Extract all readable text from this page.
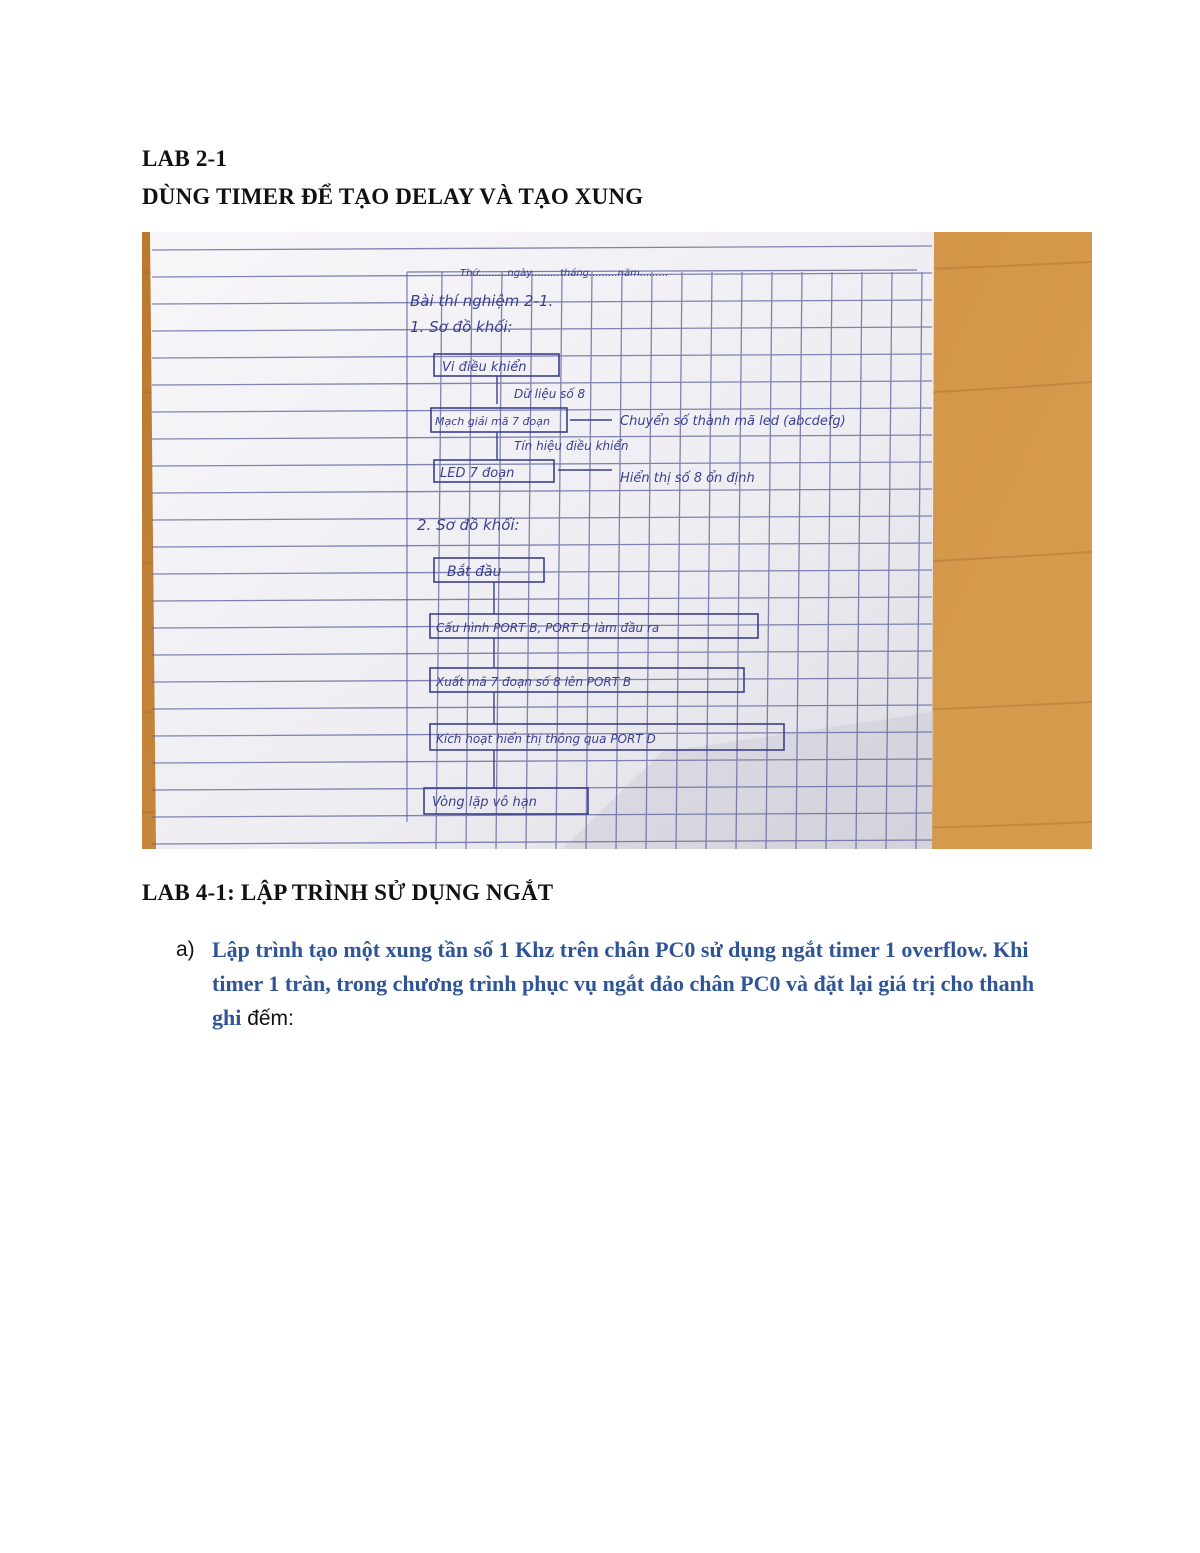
LAB 2-1
DÙNG TIMER ĐỂ TẠO DELAY VÀ TẠO XUNG
Thứ.........ngày.........tháng.........năm.........
Bài thí nghiệm 2-1.
1. Sơ đồ khối:
Vi điều khiển
Dữ liệu số 8
Mạch giải mã 7 đoạn	Chuyển số thành mã led (abcdefg)
Tín hiệu điều khiển
LED 7 đoạn	Hiển thị số 8 ổn định
2. Sơ đồ khối:
Bắt đầu
Cấu hình PORT B, PORT D làm đầu ra
Xuất mã 7 đoạn số 8 lên PORT B
Kích hoạt hiển thị thông qua PORT D
Vòng lặp vô hạn
LAB 4-1: LẬP TRÌNH SỬ DỤNG NGẮT
a) Lập trình tạo một xung tần số 1 Khz trên chân PC0 sử dụng ngắt timer 1 overflow. Khi timer 1 tràn, trong chương trình phục vụ ngắt đảo chân PC0 và đặt lại giá trị cho thanh ghi đếm:
